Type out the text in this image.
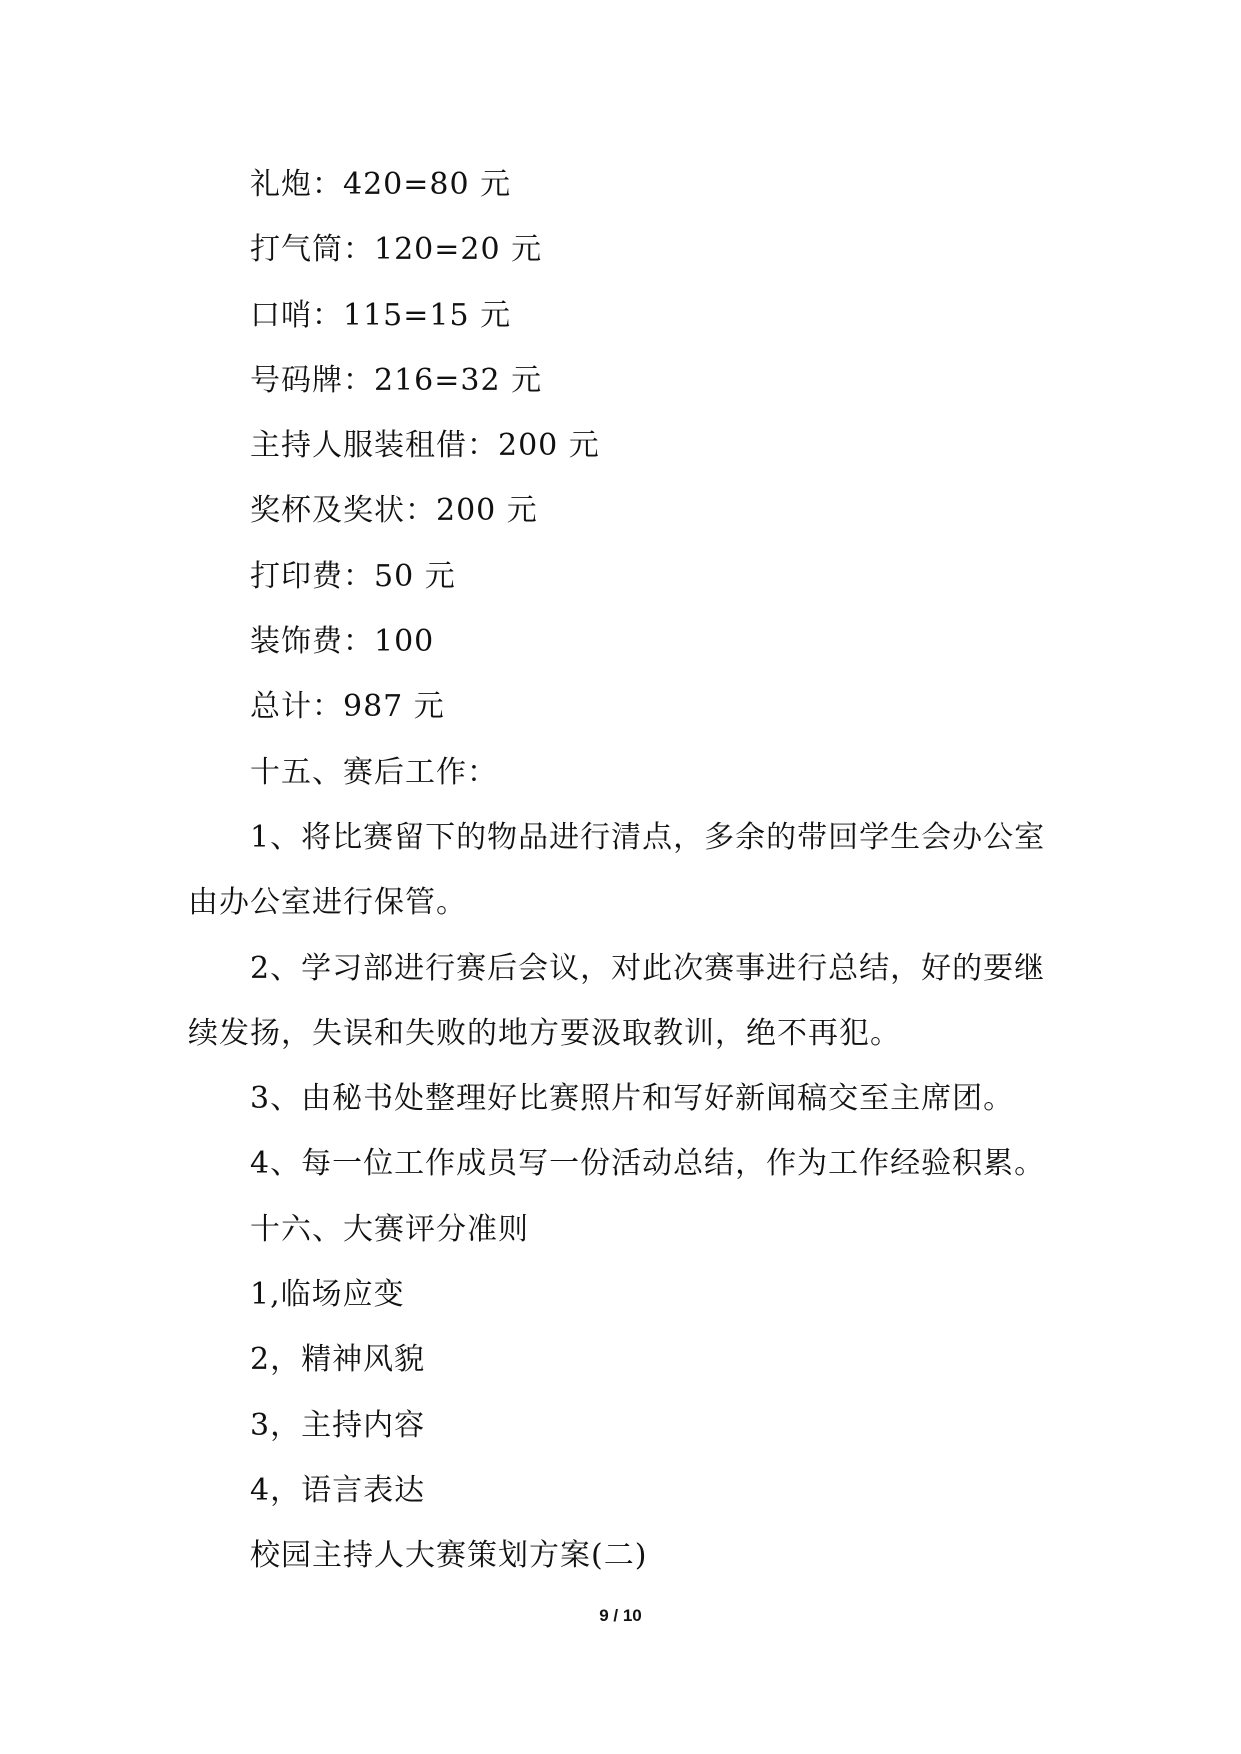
礼炮：420=80 元
打气筒：120=20 元
口哨：115=15 元
号码牌：216=32 元
主持人服装租借：200 元
奖杯及奖状：200 元
打印费：50 元
装饰费：100
总计：987 元
十五、赛后工作：
1、将比赛留下的物品进行清点，多余的带回学生会办公室
由办公室进行保管。
2、学习部进行赛后会议，对此次赛事进行总结，好的要继
续发扬，失误和失败的地方要汲取教训，绝不再犯。
3、由秘书处整理好比赛照片和写好新闻稿交至主席团。
4、每一位工作成员写一份活动总结，作为工作经验积累。
十六、大赛评分准则
1,临场应变
2，精神风貌
3，主持内容
4，语言表达
校园主持人大赛策划方案(二)
9 / 10
